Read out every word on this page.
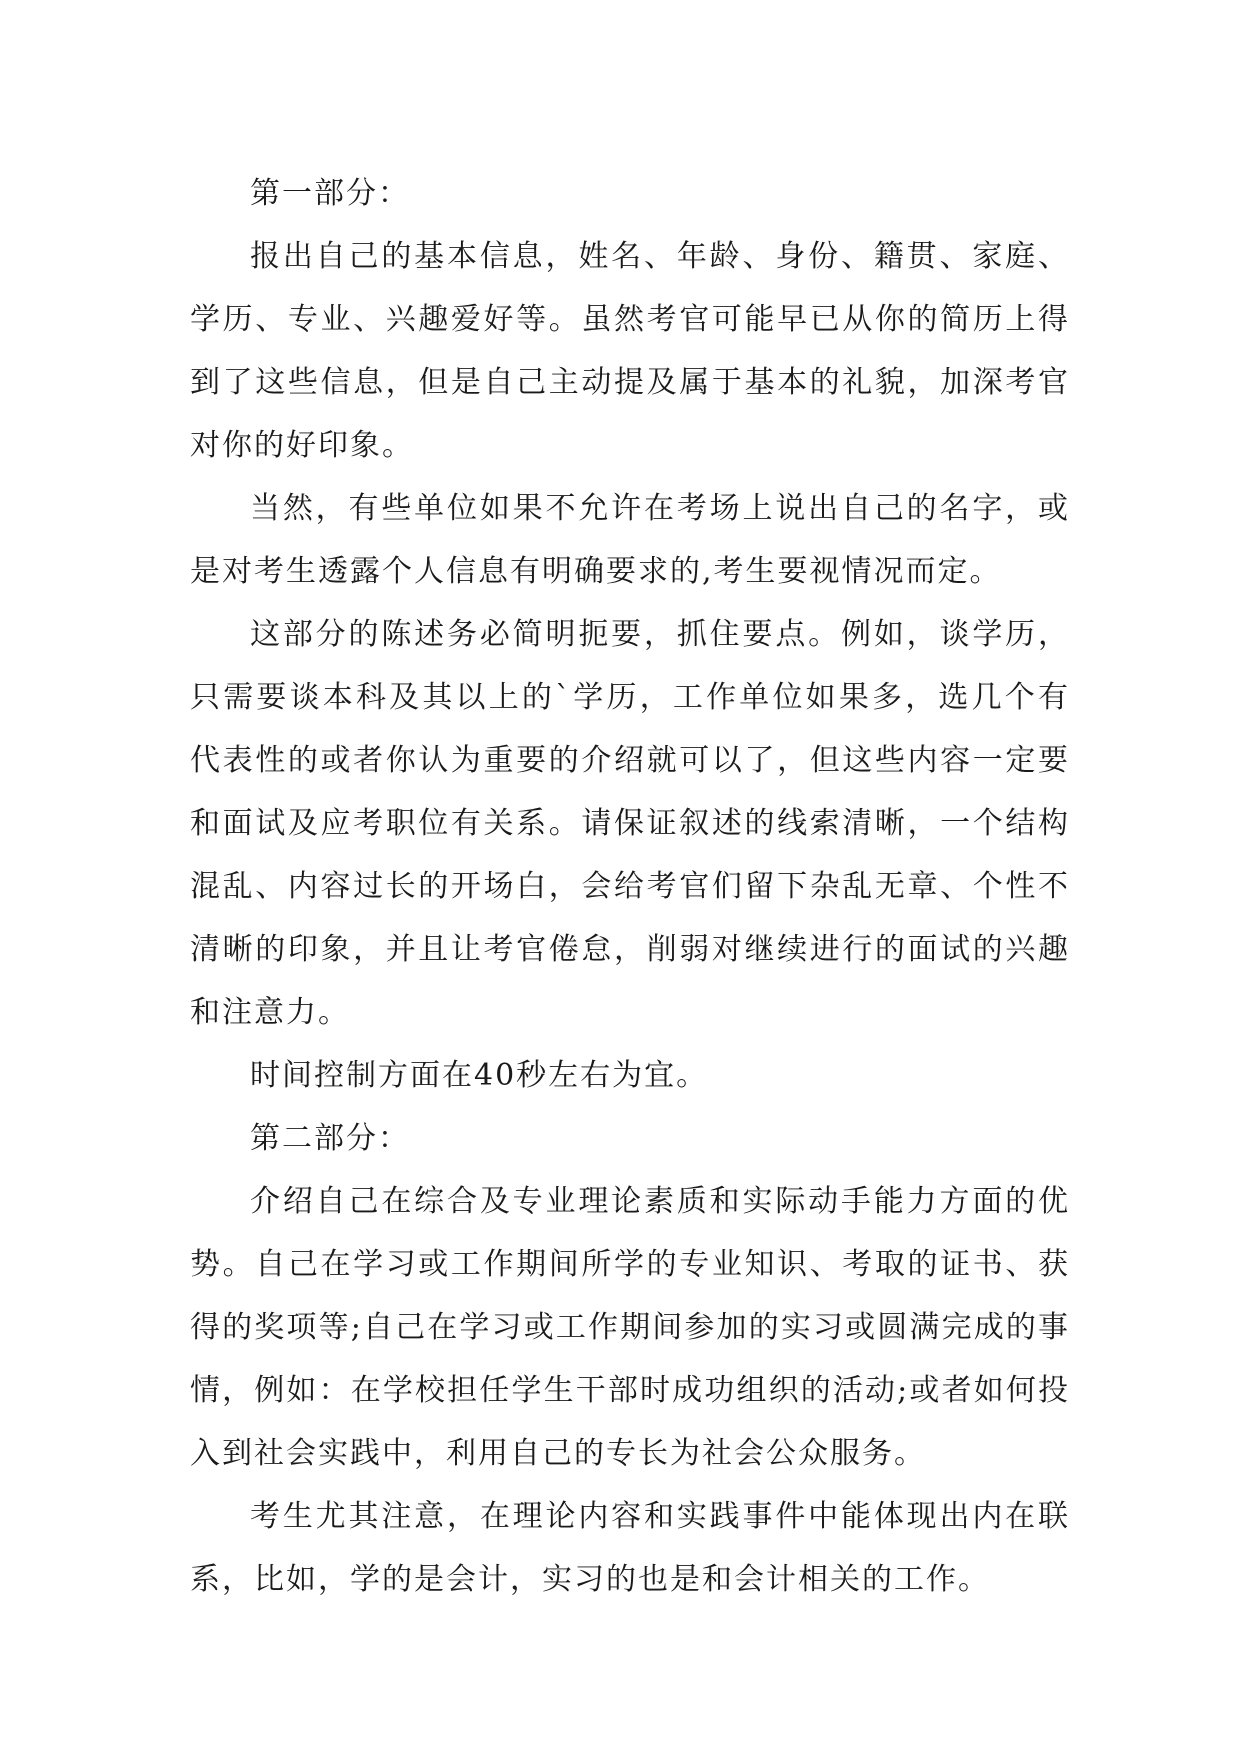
第一部分：

报出自己的基本信息，姓名、年龄、身份、籍贯、家庭、学历、专业、兴趣爱好等。虽然考官可能早已从你的简历上得到了这些信息，但是自己主动提及属于基本的礼貌，加深考官对你的好印象。

当然，有些单位如果不允许在考场上说出自己的名字，或是对考生透露个人信息有明确要求的,考生要视情况而定。

这部分的陈述务必简明扼要，抓住要点。例如，谈学历，只需要谈本科及其以上的`学历，工作单位如果多，选几个有代表性的或者你认为重要的介绍就可以了，但这些内容一定要和面试及应考职位有关系。请保证叙述的线索清晰，一个结构混乱、内容过长的开场白，会给考官们留下杂乱无章、个性不清晰的印象，并且让考官倦怠，削弱对继续进行的面试的兴趣和注意力。

时间控制方面在40秒左右为宜。

第二部分：

介绍自己在综合及专业理论素质和实际动手能力方面的优势。自己在学习或工作期间所学的专业知识、考取的证书、获得的奖项等;自己在学习或工作期间参加的实习或圆满完成的事情，例如：在学校担任学生干部时成功组织的活动;或者如何投入到社会实践中，利用自己的专长为社会公众服务。

考生尤其注意，在理论内容和实践事件中能体现出内在联系，比如，学的是会计，实习的也是和会计相关的工作。
